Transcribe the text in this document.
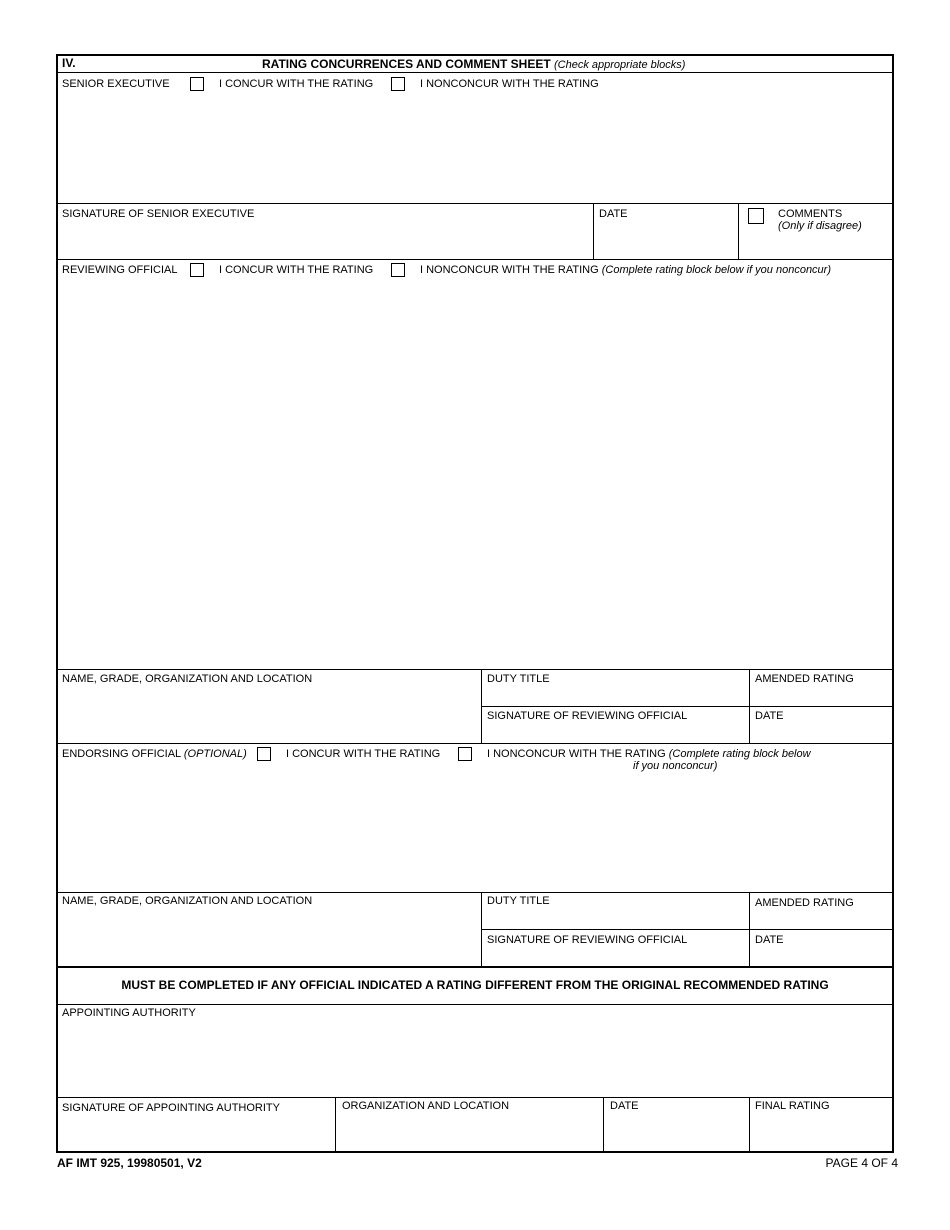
IV.	RATING CONCURRENCES AND COMMENT SHEET (Check appropriate blocks)
SENIOR EXECUTIVE	I CONCUR WITH THE RATING	I NONCONCUR WITH THE RATING
SIGNATURE OF SENIOR EXECUTIVE	DATE	COMMENTS
(Only if disagree)
REVIEWING OFFICIAL	I CONCUR WITH THE RATING	I NONCONCUR WITH THE RATING (Complete rating block below if you nonconcur)
NAME, GRADE, ORGANIZATION AND LOCATION	DUTY TITLE	AMENDED RATING
SIGNATURE OF REVIEWING OFFICIAL	DATE
ENDORSING OFFICIAL (OPTIONAL)	I CONCUR WITH THE RATING	I NONCONCUR WITH THE RATING (Complete rating block below
if you nonconcur)
NAME, GRADE, ORGANIZATION AND LOCATION	DUTY TITLE	AMENDED RATING
SIGNATURE OF REVIEWING OFFICIAL	DATE
MUST BE COMPLETED IF ANY OFFICIAL INDICATED A RATING DIFFERENT FROM THE ORIGINAL RECOMMENDED RATING
APPOINTING AUTHORITY
SIGNATURE OF APPOINTING AUTHORITY	ORGANIZATION AND LOCATION	DATE	FINAL RATING
AF IMT 925, 19980501, V2	PAGE 4 OF 4
